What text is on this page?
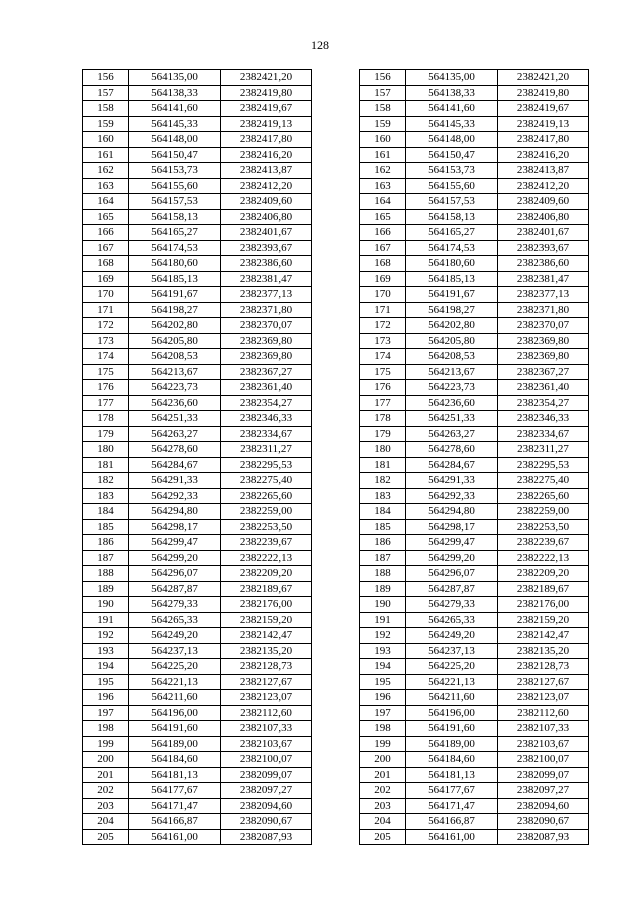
128
156	564135,00	2382421,20		156	564135,00	2382421,20
157	564138,33	2382419,80		157	564138,33	2382419,80
158	564141,60	2382419,67		158	564141,60	2382419,67
159	564145,33	2382419,13		159	564145,33	2382419,13
160	564148,00	2382417,80		160	564148,00	2382417,80
161	564150,47	2382416,20		161	564150,47	2382416,20
162	564153,73	2382413,87		162	564153,73	2382413,87
163	564155,60	2382412,20		163	564155,60	2382412,20
164	564157,53	2382409,60		164	564157,53	2382409,60
165	564158,13	2382406,80		165	564158,13	2382406,80
166	564165,27	2382401,67		166	564165,27	2382401,67
167	564174,53	2382393,67		167	564174,53	2382393,67
168	564180,60	2382386,60		168	564180,60	2382386,60
169	564185,13	2382381,47		169	564185,13	2382381,47
170	564191,67	2382377,13		170	564191,67	2382377,13
171	564198,27	2382371,80		171	564198,27	2382371,80
172	564202,80	2382370,07		172	564202,80	2382370,07
173	564205,80	2382369,80		173	564205,80	2382369,80
174	564208,53	2382369,80		174	564208,53	2382369,80
175	564213,67	2382367,27		175	564213,67	2382367,27
176	564223,73	2382361,40		176	564223,73	2382361,40
177	564236,60	2382354,27		177	564236,60	2382354,27
178	564251,33	2382346,33		178	564251,33	2382346,33
179	564263,27	2382334,67		179	564263,27	2382334,67
180	564278,60	2382311,27		180	564278,60	2382311,27
181	564284,67	2382295,53		181	564284,67	2382295,53
182	564291,33	2382275,40		182	564291,33	2382275,40
183	564292,33	2382265,60		183	564292,33	2382265,60
184	564294,80	2382259,00		184	564294,80	2382259,00
185	564298,17	2382253,50		185	564298,17	2382253,50
186	564299,47	2382239,67		186	564299,47	2382239,67
187	564299,20	2382222,13		187	564299,20	2382222,13
188	564296,07	2382209,20		188	564296,07	2382209,20
189	564287,87	2382189,67		189	564287,87	2382189,67
190	564279,33	2382176,00		190	564279,33	2382176,00
191	564265,33	2382159,20		191	564265,33	2382159,20
192	564249,20	2382142,47		192	564249,20	2382142,47
193	564237,13	2382135,20		193	564237,13	2382135,20
194	564225,20	2382128,73		194	564225,20	2382128,73
195	564221,13	2382127,67		195	564221,13	2382127,67
196	564211,60	2382123,07		196	564211,60	2382123,07
197	564196,00	2382112,60		197	564196,00	2382112,60
198	564191,60	2382107,33		198	564191,60	2382107,33
199	564189,00	2382103,67		199	564189,00	2382103,67
200	564184,60	2382100,07		200	564184,60	2382100,07
201	564181,13	2382099,07		201	564181,13	2382099,07
202	564177,67	2382097,27		202	564177,67	2382097,27
203	564171,47	2382094,60		203	564171,47	2382094,60
204	564166,87	2382090,67		204	564166,87	2382090,67
205	564161,00	2382087,93		205	564161,00	2382087,93
